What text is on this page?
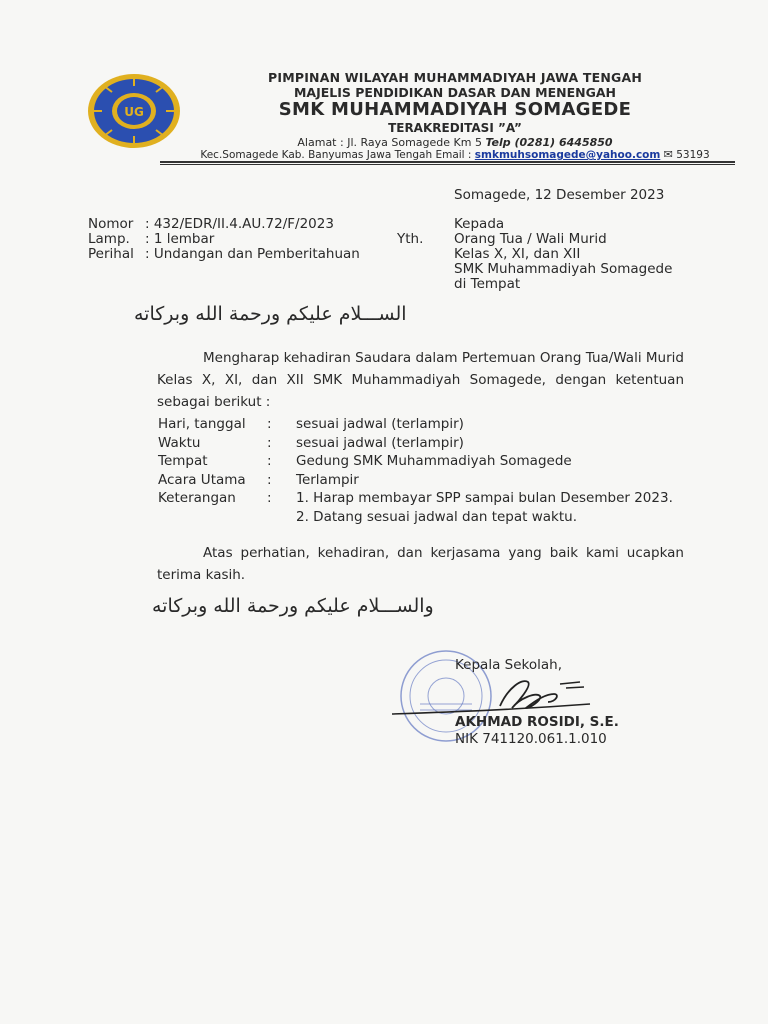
UG
PIMPINAN WILAYAH MUHAMMADIYAH JAWA TENGAH
MAJELIS PENDIDIKAN DASAR DAN MENENGAH
SMK MUHAMMADIYAH SOMAGEDE
TERAKREDITASI ”A”
Alamat : Jl. Raya Somagede Km 5 Telp (0281) 6445850
Kec.Somagede Kab. Banyumas Jawa Tengah Email : smkmuhsomagede@yahoo.com ✉ 53193
Somagede, 12 Desember 2023
Nomor : 432/EDR/II.4.AU.72/F/2023
Lamp. : 1 lembar
Perihal : Undangan dan Pemberitahuan
Kepada
Yth. Orang Tua / Wali Murid
Kelas X, XI, dan XII
SMK Muhammadiyah Somagede
di Tempat
الســـلام عليكم ورحمة الله وبركاته
Mengharap kehadiran Saudara dalam Pertemuan Orang Tua/Wali Murid Kelas X, XI, dan XII SMK Muhammadiyah Somagede, dengan ketentuan sebagai berikut :
Hari, tanggal : sesuai jadwal (terlampir)
Waktu	: sesuai jadwal (terlampir)
Tempat	: Gedung SMK Muhammadiyah Somagede
Acara Utama : Terlampir
Keterangan : 1. Harap membayar SPP sampai bulan Desember 2023.
2. Datang sesuai jadwal dan tepat waktu.
Atas perhatian, kehadiran, dan kerjasama yang baik kami ucapkan terima kasih.
والســـلام عليكم ورحمة الله وبركاته
Kepala Sekolah,
AKHMAD ROSIDI, S.E.
NIK 741120.061.1.010
